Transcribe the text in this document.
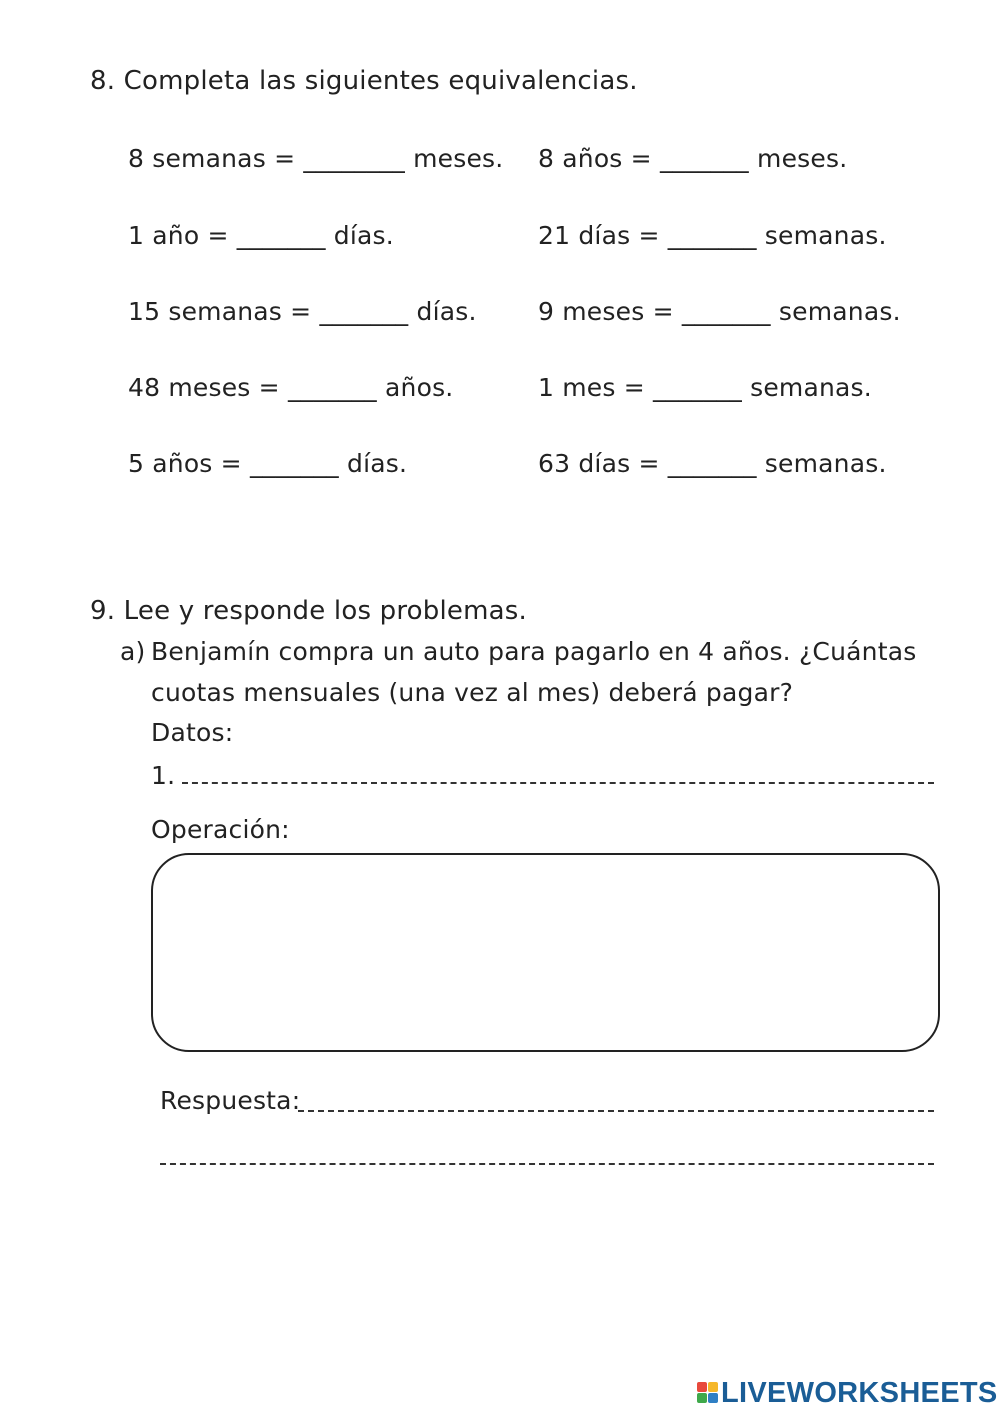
8. Completa las siguientes equivalencias.
8 semanas = ________ meses.
1 año = _______ días.
15 semanas = _______ días.
48 meses = _______ años.
5 años = _______ días.
8 años = _______ meses.
21 días = _______ semanas.
9 meses = _______ semanas.
1 mes = _______ semanas.
63 días = _______ semanas.
9. Lee y responde los problemas.
a) Benjamín compra un auto para pagarlo en 4 años. ¿Cuántas
cuotas mensuales (una vez al mes) deberá pagar?
Datos:
1.
Operación:
Respuesta:
LIVEWORKSHEETS
